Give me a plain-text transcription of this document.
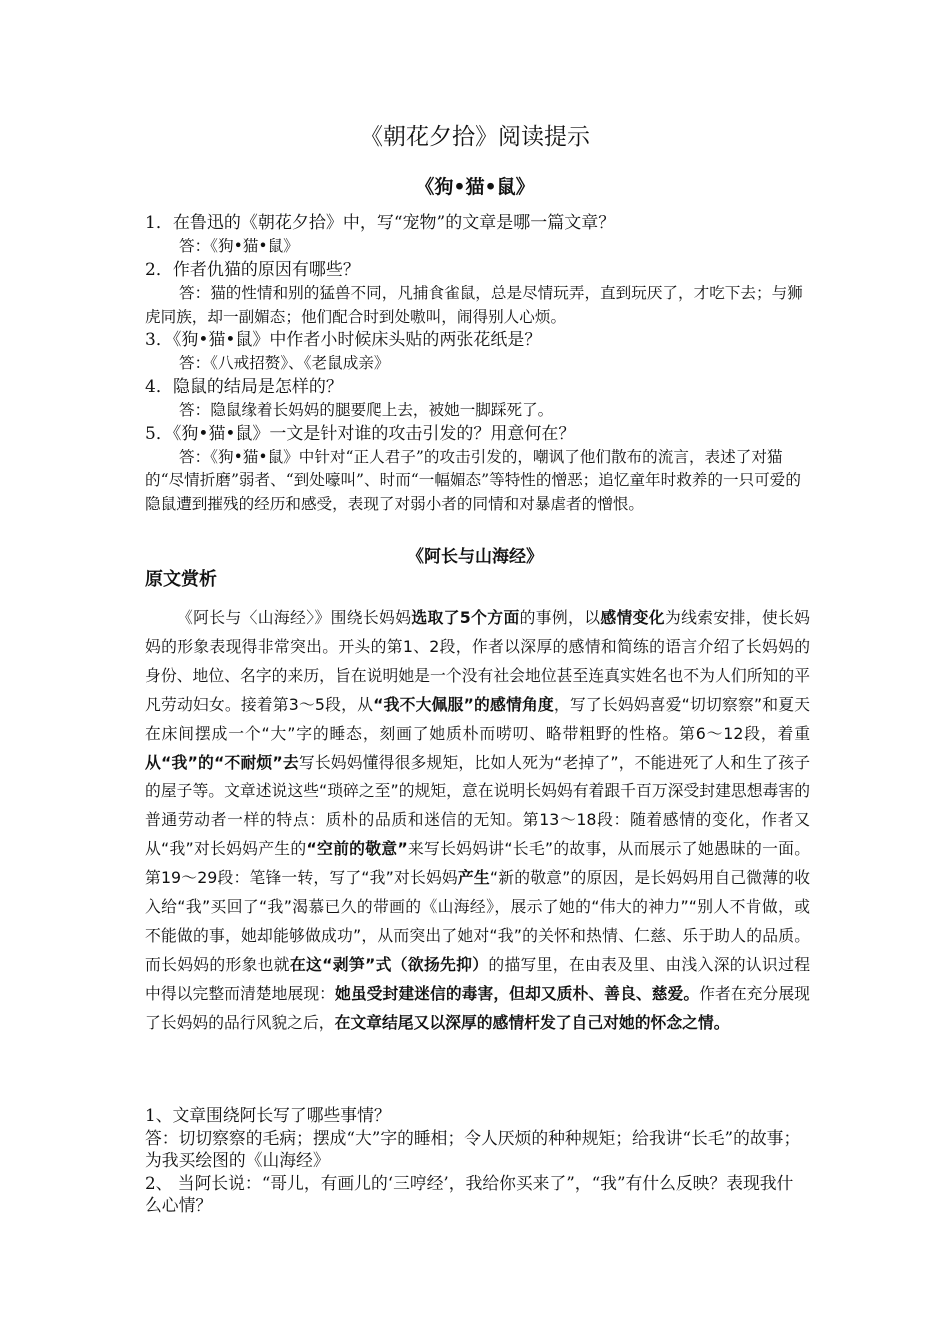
《朝花夕拾》阅读提示
《狗•猫•鼠》

1．在鲁迅的《朝花夕拾》中，写“宠物”的文章是哪一篇文章？

答：《狗•猫•鼠》

2．作者仇猫的原因有哪些？

答：猫的性情和别的猛兽不同，凡捕食雀鼠，总是尽情玩弄，直到玩厌了，才吃下去；与狮虎同族，却一副媚态；他们配合时到处嗷叫，闹得别人心烦。

3．《狗•猫•鼠》中作者小时候床头贴的两张花纸是？

答：《八戒招赘》、《老鼠成亲》

4．隐鼠的结局是怎样的？

答：隐鼠缘着长妈妈的腿要爬上去，被她一脚踩死了。

5．《狗•猫•鼠》一文是针对谁的攻击引发的？用意何在？

答：《狗•猫•鼠》中针对“正人君子”的攻击引发的，嘲讽了他们散布的流言，表述了对猫的“尽情折磨”弱者、“到处嚎叫”、时而“一幅媚态”等特性的憎恶；追忆童年时救养的一只可爱的隐鼠遭到摧残的经历和感受，表现了对弱小者的同情和对暴虐者的憎恨。

《阿长与山海经》
原文赏析

《阿长与〈山海经〉》围绕长妈妈选取了5个方面的事例，以感情变化为线索安排，使长妈妈的形象表现得非常突出。开头的第1、2段，作者以深厚的感情和简练的语言介绍了长妈妈的身份、地位、名字的来历，旨在说明她是一个没有社会地位甚至连真实姓名也不为人们所知的平凡劳动妇女。接着第3～5段，从“我不大佩服”的感情角度，写了长妈妈喜爱“切切察察”和夏天在床间摆成一个“大”字的睡态，刻画了她质朴而唠叨、略带粗野的性格。第6～12段，着重从“我”的“不耐烦”去写长妈妈懂得很多规矩，比如人死为“老掉了”，不能进死了人和生了孩子的屋子等。文章述说这些“琐碎之至”的规矩，意在说明长妈妈有着跟千百万深受封建思想毒害的普通劳动者一样的特点：质朴的品质和迷信的无知。第13～18段：随着感情的变化，作者又从“我”对长妈妈产生的“空前的敬意”来写长妈妈讲“长毛”的故事，从而展示了她愚昧的一面。第19～29段：笔锋一转，写了“我”对长妈妈产生“新的敬意”的原因，是长妈妈用自己微薄的收入给“我”买回了“我”渴慕已久的带画的《山海经》，展示了她的“伟大的神力”“别人不肯做，或不能做的事，她却能够做成功”，从而突出了她对“我”的关怀和热情、仁慈、乐于助人的品质。而长妈妈的形象也就在这“剥笋”式（欲扬先抑）的描写里，在由表及里、由浅入深的认识过程中得以完整而清楚地展现：她虽受封建迷信的毒害，但却又质朴、善良、慈爱。作者在充分展现了长妈妈的品行风貌之后，在文章结尾又以深厚的感情杆发了自己对她的怀念之情。

1、文章围绕阿长写了哪些事情？

答：切切察察的毛病；摆成“大”字的睡相；令人厌烦的种种规矩；给我讲“长毛”的故事；为我买绘图的《山海经》

2、 当阿长说：“哥儿，有画儿的‘三哼经’，我给你买来了”，“我”有什么反映？表现我什么心情？
